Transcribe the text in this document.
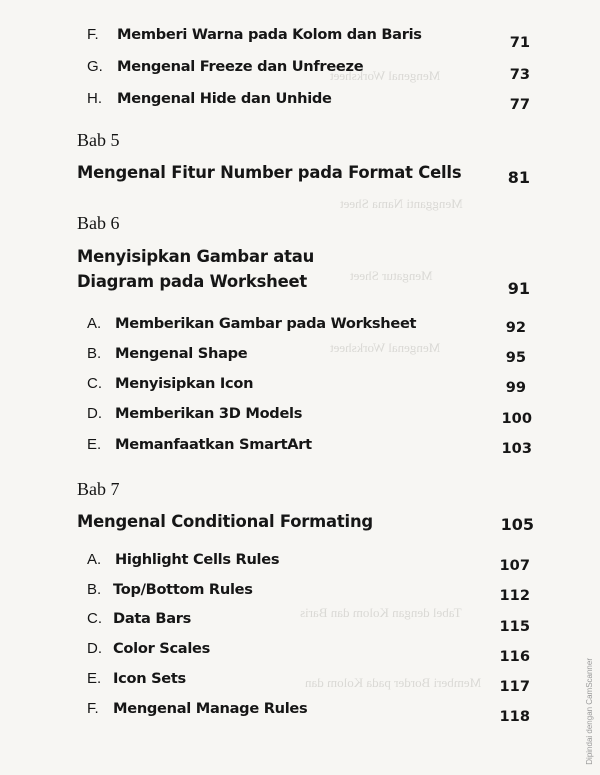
Mengenal Worksheet
Mengganti Nama Sheet
Mengatur Sheet
Mengenal Worksheet
Tabel dengan Kolom dan Baris
Memberi Border pada Kolom dan
F. Memberi Warna pada Kolom dan Baris	71
G. Mengenal Freeze dan Unfreeze	73
H. Mengenal Hide dan Unhide	77
Bab 5
Mengenal Fitur Number pada Format Cells	81
Bab 6
Menyisipkan Gambar atau
Diagram pada Worksheet	91
A. Memberikan Gambar pada Worksheet	92
B. Mengenal Shape	95
C. Menyisipkan Icon	99
D. Memberikan 3D Models	100
E. Memanfaatkan SmartArt	103
Bab 7
Mengenal Conditional Formating	105
A. Highlight Cells Rules	107
B. Top/Bottom Rules	112
C. Data Bars	115
D. Color Scales	116
E. Icon Sets	117
F. Mengenal Manage Rules	118	Dipindai dengan CamScanner
